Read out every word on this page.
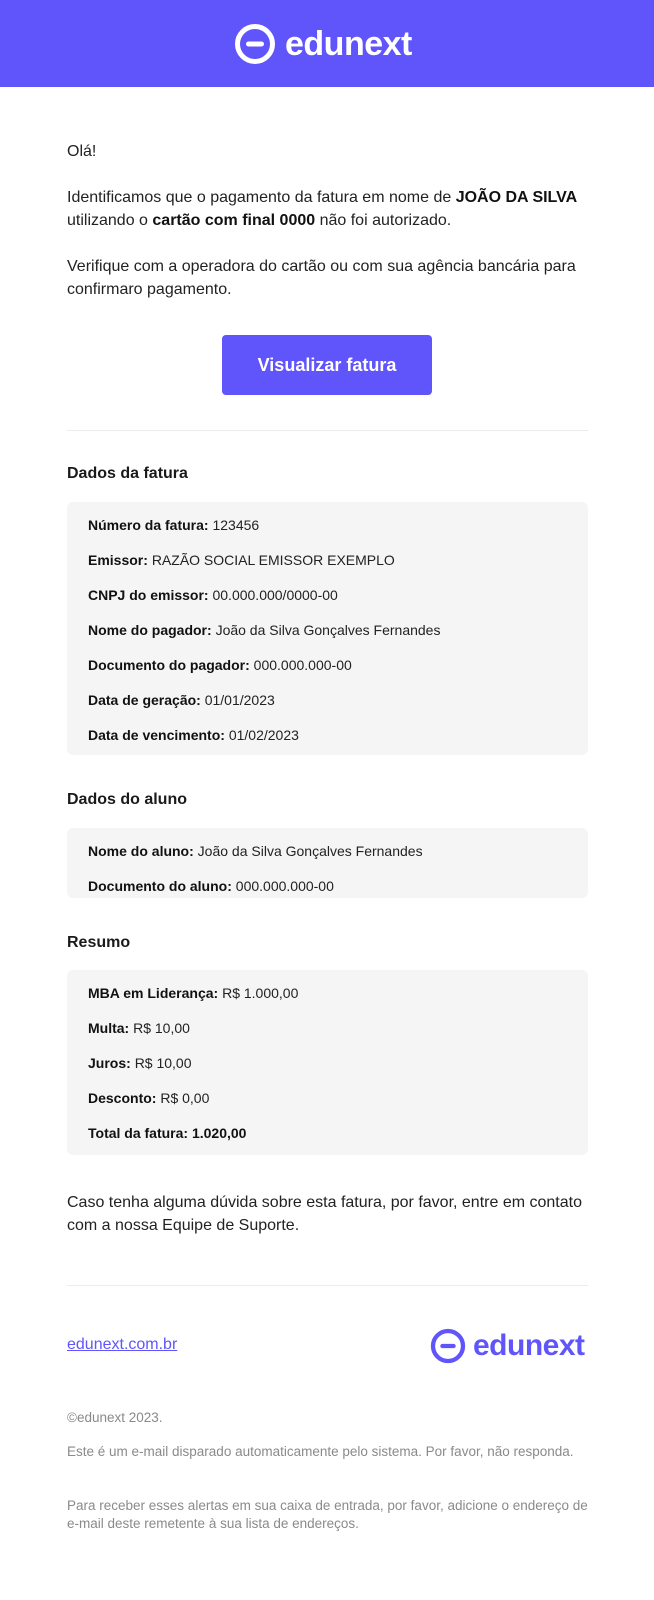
edunext
Olá!
Identificamos que o pagamento da fatura em nome de JOÃO DA SILVA utilizando o cartão com final 0000 não foi autorizado.
Verifique com a operadora do cartão ou com sua agência bancária para confirmaro pagamento.
Visualizar fatura
Dados da fatura
Número da fatura: 123456
Emissor: RAZÃO SOCIAL EMISSOR EXEMPLO
CNPJ do emissor: 00.000.000/0000-00
Nome do pagador: João da Silva Gonçalves Fernandes
Documento do pagador: 000.000.000-00
Data de geração: 01/01/2023
Data de vencimento: 01/02/2023
Dados do aluno
Nome do aluno: João da Silva Gonçalves Fernandes
Documento do aluno: 000.000.000-00
Resumo
MBA em Liderança: R$ 1.000,00
Multa: R$ 10,00
Juros: R$ 10,00
Desconto: R$ 0,00
Total da fatura: 1.020,00
Caso tenha alguma dúvida sobre esta fatura, por favor, entre em contato com a nossa Equipe de Suporte.
edunext.com.br	edunext
©edunext 2023.
Este é um e-mail disparado automaticamente pelo sistema. Por favor, não responda.
Para receber esses alertas em sua caixa de entrada, por favor, adicione o endereço de e-mail deste remetente à sua lista de endereços.
